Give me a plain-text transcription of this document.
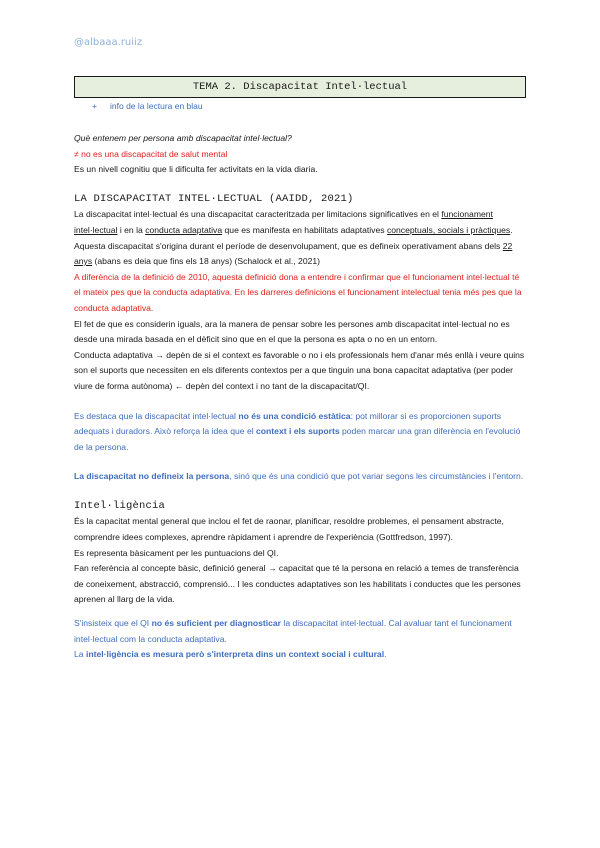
@albaaa.ruiiz
TEMA 2. Discapacitat Intel·lectual
+ info de la lectura en blau

Què entenem per persona amb discapacitat intel·lectual?

≠ no es una discapacitat de salut mental

Es un nivell cognitiu que li dificulta fer activitats en la vida diaria.

LA DISCAPACITAT INTEL·LECTUAL (AAIDD, 2021)

La discapacitat intel·lectual és una discapacitat caracteritzada per limitacions significatives en el funcionament intel·lectual i en la conducta adaptativa que es manifesta en habilitats adaptatives conceptuals, socials i pràctiques. Aquesta discapacitat s'origina durant el període de desenvolupament, que es defineix operativament abans dels 22 anys (abans es deia que fins els 18 anys) (Schalock et al., 2021)

A diferència de la definició de 2010, aquesta definició dona a entendre i confirmar que el funcionament intel·lectual té el mateix pes que la conducta adaptativa. En les darreres definicions el funcionament intelectual tenia més pes que la conducta adaptativa.

El fet de que es considerin iguals, ara la manera de pensar sobre les persones amb discapacitat intel·lectual no es desde una mirada basada en el dèficit sino que en el que la persona es apta o no en un entorn.

Conducta adaptativa → depèn de si el context es favorable o no i els professionals hem d'anar més enllà i veure quins son el suports que necessiten en els diferents contextos per a que tinguin una bona capacitat adaptativa (per poder viure de forma autònoma) ← depèn del context i no tant de la discapacitat/QI.

Es destaca que la discapacitat intel·lectual no és una condició estàtica: pot millorar si es proporcionen suports adequats i duradors. Això reforça la idea que el context i els suports poden marcar una gran diferència en l'evolució de la persona.

La discapacitat no defineix la persona, sinó que és una condició que pot variar segons les circumstàncies i l'entorn.

Intel·ligència

És la capacitat mental general que inclou el fet de raonar, planificar, resoldre problemes, el pensament abstracte, comprendre idees complexes, aprendre ràpidament i aprendre de l'experiència (Gottfredson, 1997).

Es representa bàsicament per les puntuacions del QI.

Fan referència al concepte bàsic, definició general → capacitat que té la persona en relació a temes de transferència de coneixement, abstracció, comprensió... I les conductes adaptatives son les habilitats i conductes que les persones aprenen al llarg de la vida.

S'insisteix que el QI no és suficient per diagnosticar la discapacitat intel·lectual. Cal avaluar tant el funcionament intel·lectual com la conducta adaptativa.

La intel·ligència es mesura però s'interpreta dins un context social i cultural.
